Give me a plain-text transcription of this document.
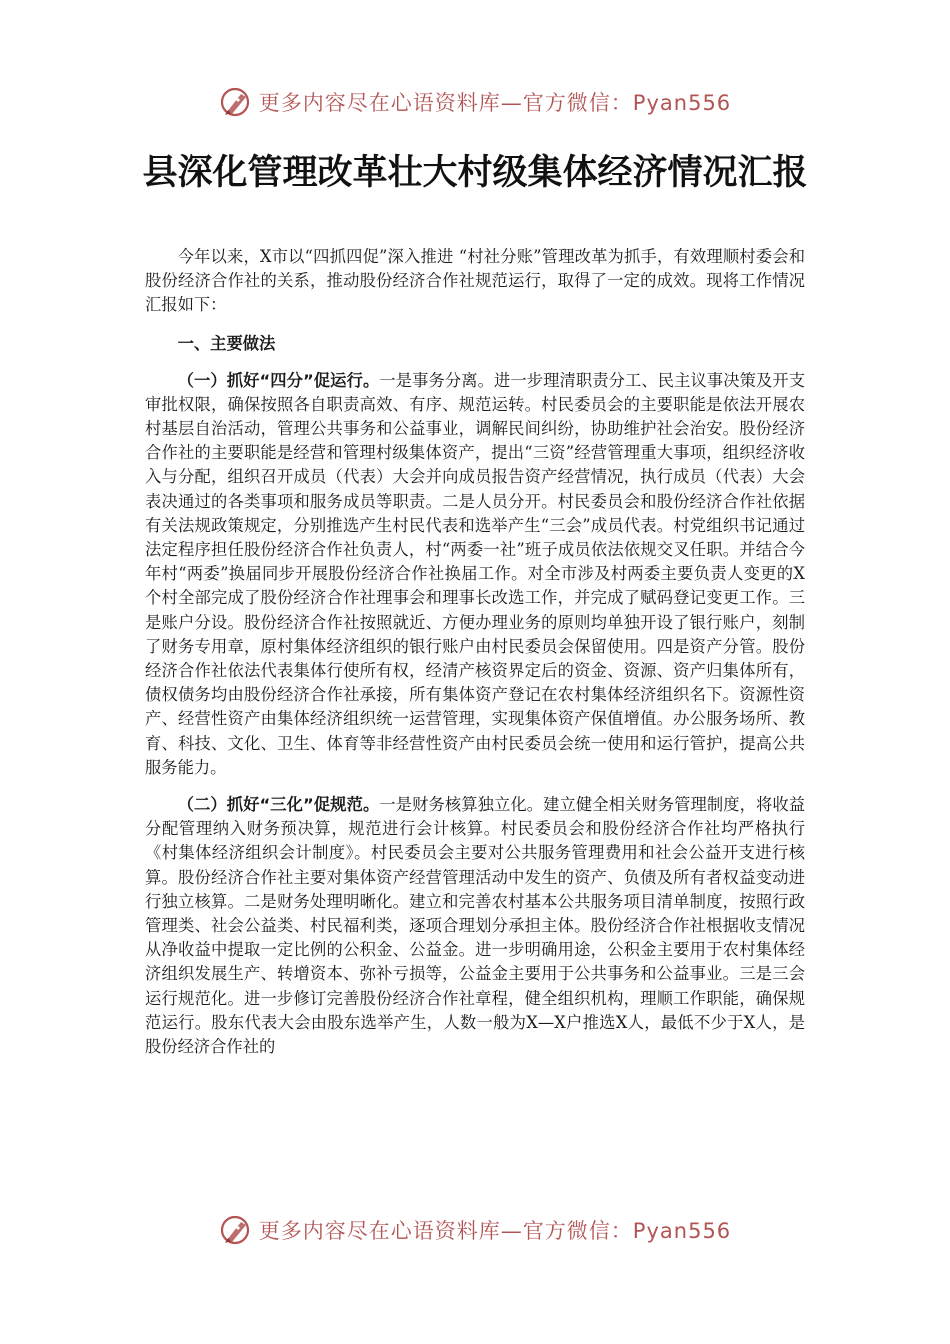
更多内容尽在心语资料库—官方微信：Pyan556
县深化管理改革壮大村级集体经济情况汇报

今年以来，X市以“四抓四促”深入推进 “村社分账”管理改革为抓手，有效理顺村委会和股份经济合作社的关系，推动股份经济合作社规范运行，取得了一定的成效。现将工作情况汇报如下：

一、主要做法

（一）抓好“四分”促运行。一是事务分离。进一步理清职责分工、民主议事决策及开支审批权限，确保按照各自职责高效、有序、规范运转。村民委员会的主要职能是依法开展农村基层自治活动，管理公共事务和公益事业，调解民间纠纷，协助维护社会治安。股份经济合作社的主要职能是经营和管理村级集体资产，提出“三资”经营管理重大事项，组织经济收入与分配，组织召开成员（代表）大会并向成员报告资产经营情况，执行成员（代表）大会表决通过的各类事项和服务成员等职责。二是人员分开。村民委员会和股份经济合作社依据有关法规政策规定，分别推选产生村民代表和选举产生“三会”成员代表。村党组织书记通过法定程序担任股份经济合作社负责人，村“两委一社”班子成员依法依规交叉任职。并结合今年村“两委”换届同步开展股份经济合作社换届工作。对全市涉及村两委主要负责人变更的X个村全部完成了股份经济合作社理事会和理事长改选工作，并完成了赋码登记变更工作。三是账户分设。股份经济合作社按照就近、方便办理业务的原则均单独开设了银行账户，刻制了财务专用章，原村集体经济组织的银行账户由村民委员会保留使用。四是资产分管。股份经济合作社依法代表集体行使所有权，经清产核资界定后的资金、资源、资产归集体所有，债权债务均由股份经济合作社承接，所有集体资产登记在农村集体经济组织名下。资源性资产、经营性资产由集体经济组织统一运营管理，实现集体资产保值增值。办公服务场所、教育、科技、文化、卫生、体育等非经营性资产由村民委员会统一使用和运行管护，提高公共服务能力。

（二）抓好“三化”促规范。一是财务核算独立化。建立健全相关财务管理制度，将收益分配管理纳入财务预决算，规范进行会计核算。村民委员会和股份经济合作社均严格执行《村集体经济组织会计制度》。村民委员会主要对公共服务管理费用和社会公益开支进行核算。股份经济合作社主要对集体资产经营管理活动中发生的资产、负债及所有者权益变动进行独立核算。二是财务处理明晰化。建立和完善农村基本公共服务项目清单制度，按照行政管理类、社会公益类、村民福利类，逐项合理划分承担主体。股份经济合作社根据收支情况从净收益中提取一定比例的公积金、公益金。进一步明确用途，公积金主要用于农村集体经济组织发展生产、转增资本、弥补亏损等，公益金主要用于公共事务和公益事业。三是三会运行规范化。进一步修订完善股份经济合作社章程，健全组织机构，理顺工作职能，确保规范运行。股东代表大会由股东选举产生，人数一般为X—X户推选X人，最低不少于X人，是股份经济合作社的

更多内容尽在心语资料库—官方微信：Pyan556
